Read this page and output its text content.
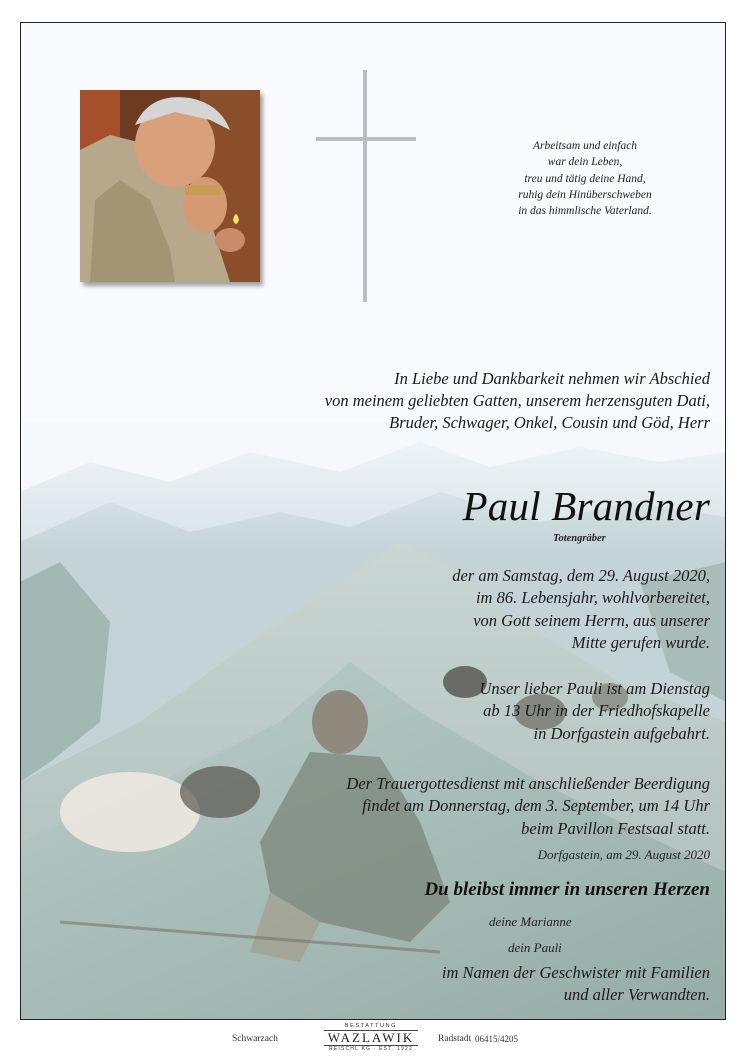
Arbeitsam und einfach
war dein Leben,
treu und tätig deine Hand,
ruhig dein Hinüberschweben
in das himmlische Vaterland.
In Liebe und Dankbarkeit nehmen wir Abschied
von meinem geliebten Gatten, unserem herzensguten Dati,
Bruder, Schwager, Onkel, Cousin und Göd, Herr
Paul Brandner
Totengräber
der am Samstag, dem 29. August 2020,
im 86. Lebensjahr, wohlvorbereitet,
von Gott seinem Herrn, aus unserer
Mitte gerufen wurde.
Unser lieber Pauli ist am Dienstag
ab 13 Uhr in der Friedhofskapelle
in Dorfgastein aufgebahrt.
Der Trauergottesdienst mit anschließender Beerdigung
findet am Donnerstag, dem 3. September, um 14 Uhr
beim Pavillon Festsaal statt.
Dorfgastein, am 29. August 2020
Du bleibst immer in unseren Herzen
deine Marianne
dein Pauli
im Namen der Geschwister mit Familien
und aller Verwandten.
Schwarzach
BESTATTUNG
WAZLAWIK
REISCHL KG · EST. 1922
Radstadt 06415/4205
